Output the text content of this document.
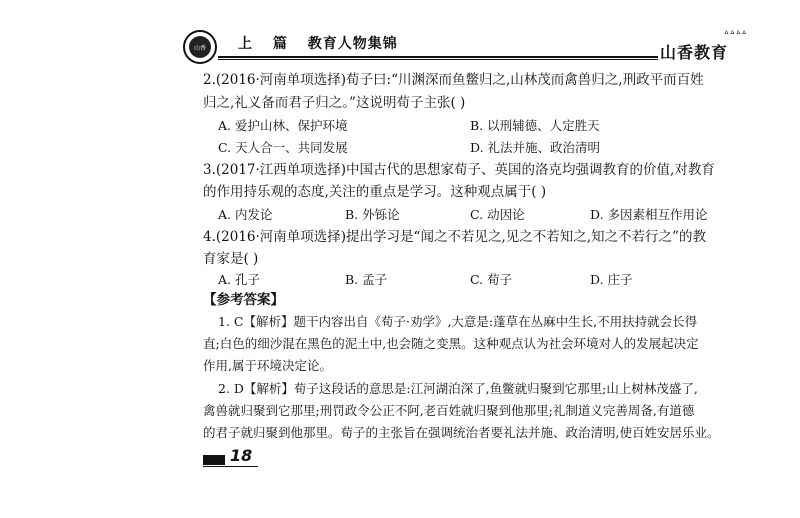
山香 上 篇 教育人物集锦	山香教育
ᐞᐞᐞᐞ
2.(2016·河南单项选择)荀子曰:“川渊深而鱼鳖归之,山林茂而禽兽归之,刑政平而百姓
归之,礼义备而君子归之。”这说明荀子主张( )
A. 爱护山林、保护环境	B. 以刑辅德、人定胜天
C. 天人合一、共同发展	D. 礼法并施、政治清明
3.(2017·江西单项选择)中国古代的思想家荀子、英国的洛克均强调教育的价值,对教育
的作用持乐观的态度,关注的重点是学习。这种观点属于( )
A. 内发论	B. 外铄论	C. 动因论	D. 多因素相互作用论
4.(2016·河南单项选择)提出学习是“闻之不若见之,见之不若知之,知之不若行之”的教
育家是( )
A. 孔子	B. 孟子	C. 荀子	D. 庄子
【参考答案】
1. C【解析】题干内容出自《荀子·劝学》,大意是:蓬草在丛麻中生长,不用扶持就会长得
直;白色的细沙混在黑色的泥土中,也会随之变黑。这种观点认为社会环境对人的发展起决定
作用,属于环境决定论。
2. D【解析】荀子这段话的意思是:江河湖泊深了,鱼鳖就归聚到它那里;山上树林茂盛了,
禽兽就归聚到它那里;刑罚政令公正不阿,老百姓就归聚到他那里;礼制道义完善周备,有道德
的君子就归聚到他那里。荀子的主张旨在强调统治者要礼法并施、政治清明,使百姓安居乐业。
18
